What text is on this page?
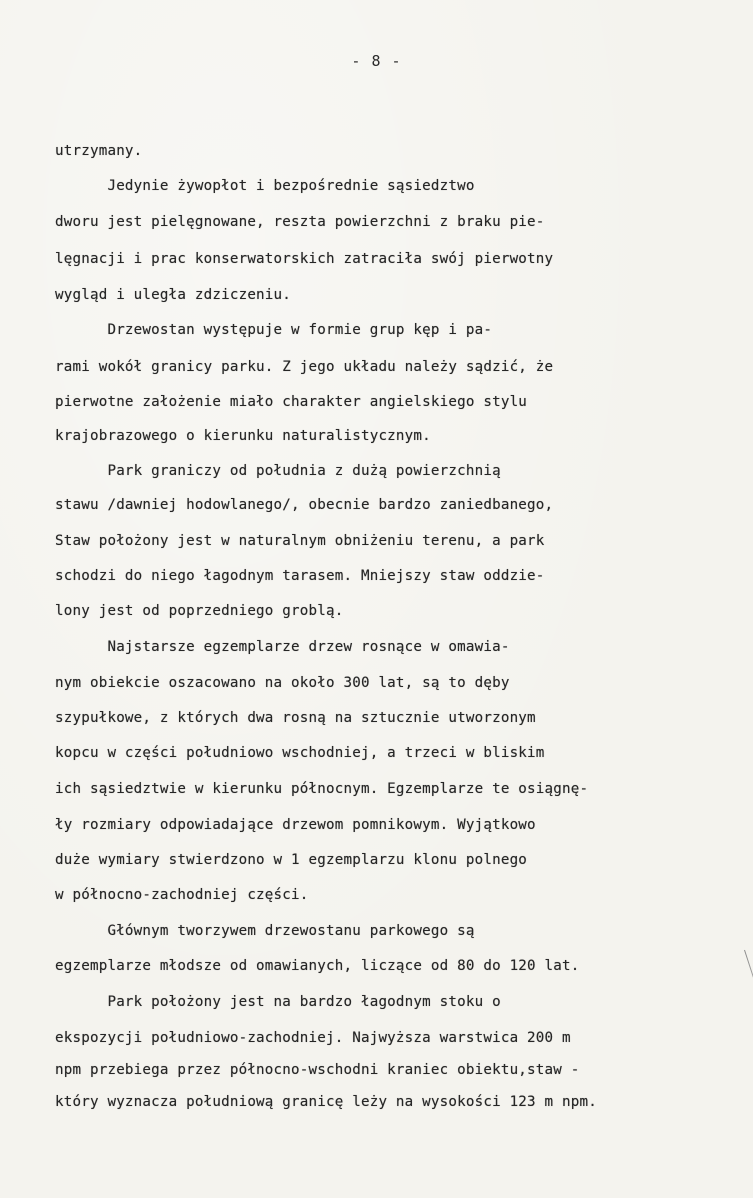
- 8 -
utrzymany.
Jedynie żywopłot i bezpośrednie sąsiedztwo
dworu jest pielęgnowane, reszta powierzchni z braku pie-
lęgnacji i prac konserwatorskich zatraciła swój pierwotny
wygląd i uległa zdziczeniu.
Drzewostan występuje w formie grup kęp i pa-
rami wokół granicy parku. Z jego układu należy sądzić, że
pierwotne założenie miało charakter angielskiego stylu
krajobrazowego o kierunku naturalistycznym.
Park graniczy od południa z dużą powierzchnią
stawu /dawniej hodowlanego/, obecnie bardzo zaniedbanego,
Staw położony jest w naturalnym obniżeniu terenu, a park
schodzi do niego łagodnym tarasem. Mniejszy staw oddzie-
lony jest od poprzedniego groblą.
Najstarsze egzemplarze drzew rosnące w omawia-
nym obiekcie oszacowano na około 300 lat, są to dęby
szypułkowe, z których dwa rosną na sztucznie utworzonym
kopcu w części południowo wschodniej, a trzeci w bliskim
ich sąsiedztwie w kierunku północnym. Egzemplarze te osiągnę-
ły rozmiary odpowiadające drzewom pomnikowym. Wyjątkowo
duże wymiary stwierdzono w 1 egzemplarzu klonu polnego
w północno-zachodniej części.
Głównym tworzywem drzewostanu parkowego są
egzemplarze młodsze od omawianych, liczące od 80 do 120 lat.
Park położony jest na bardzo łagodnym stoku o
ekspozycji południowo-zachodniej. Najwyższa warstwica 200 m
npm przebiega przez północno-wschodni kraniec obiektu,staw -
który wyznacza południową granicę leży na wysokości 123 m npm.
